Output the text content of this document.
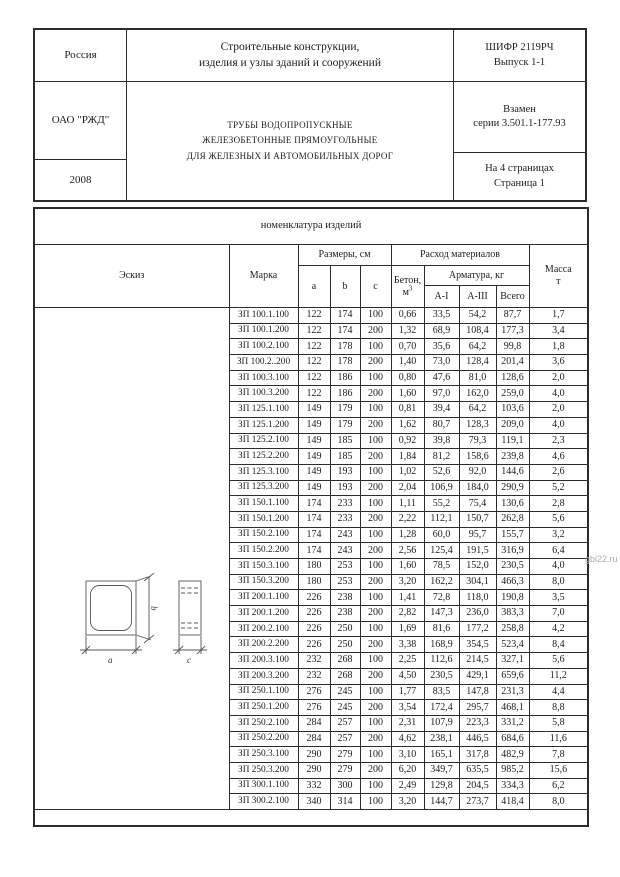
Россия
ОАО "РЖД"
2008
Строительные конструкции,
изделия и узлы зданий и сооружений
ТРУБЫ ВОДОПРОПУСКНЫЕ
ЖЕЛЕЗОБЕТОННЫЕ ПРЯМОУГОЛЬНЫЕ
ДЛЯ ЖЕЛЕЗНЫХ И АВТОМОБИЛЬНЫХ ДОРОГ
ШИФР 2119РЧ
Выпуск 1-1
Взамен
серии 3.501.1-177.93
На 4 страницах
Страница 1
номенклатура изделий									
Эскиз	Марка	Размеры, см			Расход материалов				Масса
т

		a	b	c	Бетон,
$м^3$	Арматура, кг			
						А-I	А-III	Всего	

b
a c	ЗП 100.1.100	122	174	100	0,66	33,5	54,2	87,7	1,7
	ЗП 100.1.200	122	174	200	1,32	68,9	108,4	177,3	3,4
	ЗП 100.2.100	122	178	100	0,70	35,6	64,2	99,8	1,8
	ЗП 100.2..200	122	178	200	1,40	73,0	128,4	201,4	3,6
	ЗП 100.3.100	122	186	100	0,80	47,6	81,0	128,6	2,0
	ЗП 100.3.200	122	186	200	1,60	97,0	162,0	259,0	4,0
	ЗП 125.1.100	149	179	100	0,81	39,4	64,2	103,6	2,0
	ЗП 125.1.200	149	179	200	1,62	80,7	128,3	209,0	4,0
	ЗП 125.2.100	149	185	100	0,92	39,8	79,3	119,1	2,3
	ЗП 125.2.200	149	185	200	1,84	81,2	158,6	239,8	4,6
	ЗП 125.3.100	149	193	100	1,02	52,6	92,0	144,6	2,6
	ЗП 125.3.200	149	193	200	2,04	106,9	184,0	290,9	5,2
	ЗП 150.1.100	174	233	100	1,11	55,2	75,4	130,6	2,8
	ЗП 150.1.200	174	233	200	2,22	112,1	150,7	262,8	5,6
	ЗП 150.2.100	174	243	100	1,28	60,0	95,7	155,7	3,2
	ЗП 150.2.200	174	243	200	2,56	125,4	191,5	316,9	6,4
	ЗП 150.3.100	180	253	100	1,60	78,5	152,0	230,5	4,0
	ЗП 150.3.200	180	253	200	3,20	162,2	304,1	466,3	8,0
	ЗП 200.1.100	226	238	100	1,41	72,8	118,0	190,8	3,5
	ЗП 200.1.200	226	238	200	2,82	147,3	236,0	383,3	7,0
	ЗП 200.2.100	226	250	100	1,69	81,6	177,2	258,8	4,2
	ЗП 200.2.200	226	250	200	3,38	168,9	354,5	523,4	8,4
	ЗП 200.3.100	232	268	100	2,25	112,6	214,5	327,1	5,6
	ЗП 200.3.200	232	268	200	4,50	230,5	429,1	659,6	11,2
	ЗП 250.1.100	276	245	100	1,77	83,5	147,8	231,3	4,4
	ЗП 250.1.200	276	245	200	3,54	172,4	295,7	468,1	8,8
	ЗП 250.2.100	284	257	100	2,31	107,9	223,3	331,2	5,8
	ЗП 250.2.200	284	257	200	4,62	238,1	446,5	684,6	11,6
	ЗП 250.3.100	290	279	100	3,10	165,1	317,8	482,9	7,8
	ЗП 250.3.200	290	279	200	6,20	349,7	635,5	985,2	15,6
	ЗП 300.1.100	332	300	100	2,49	129,8	204,5	334,3	6,2
	ЗП 300.2.100	340	314	100	3,20	144,7	273,7	418,4	8,0

gbi22.ru
